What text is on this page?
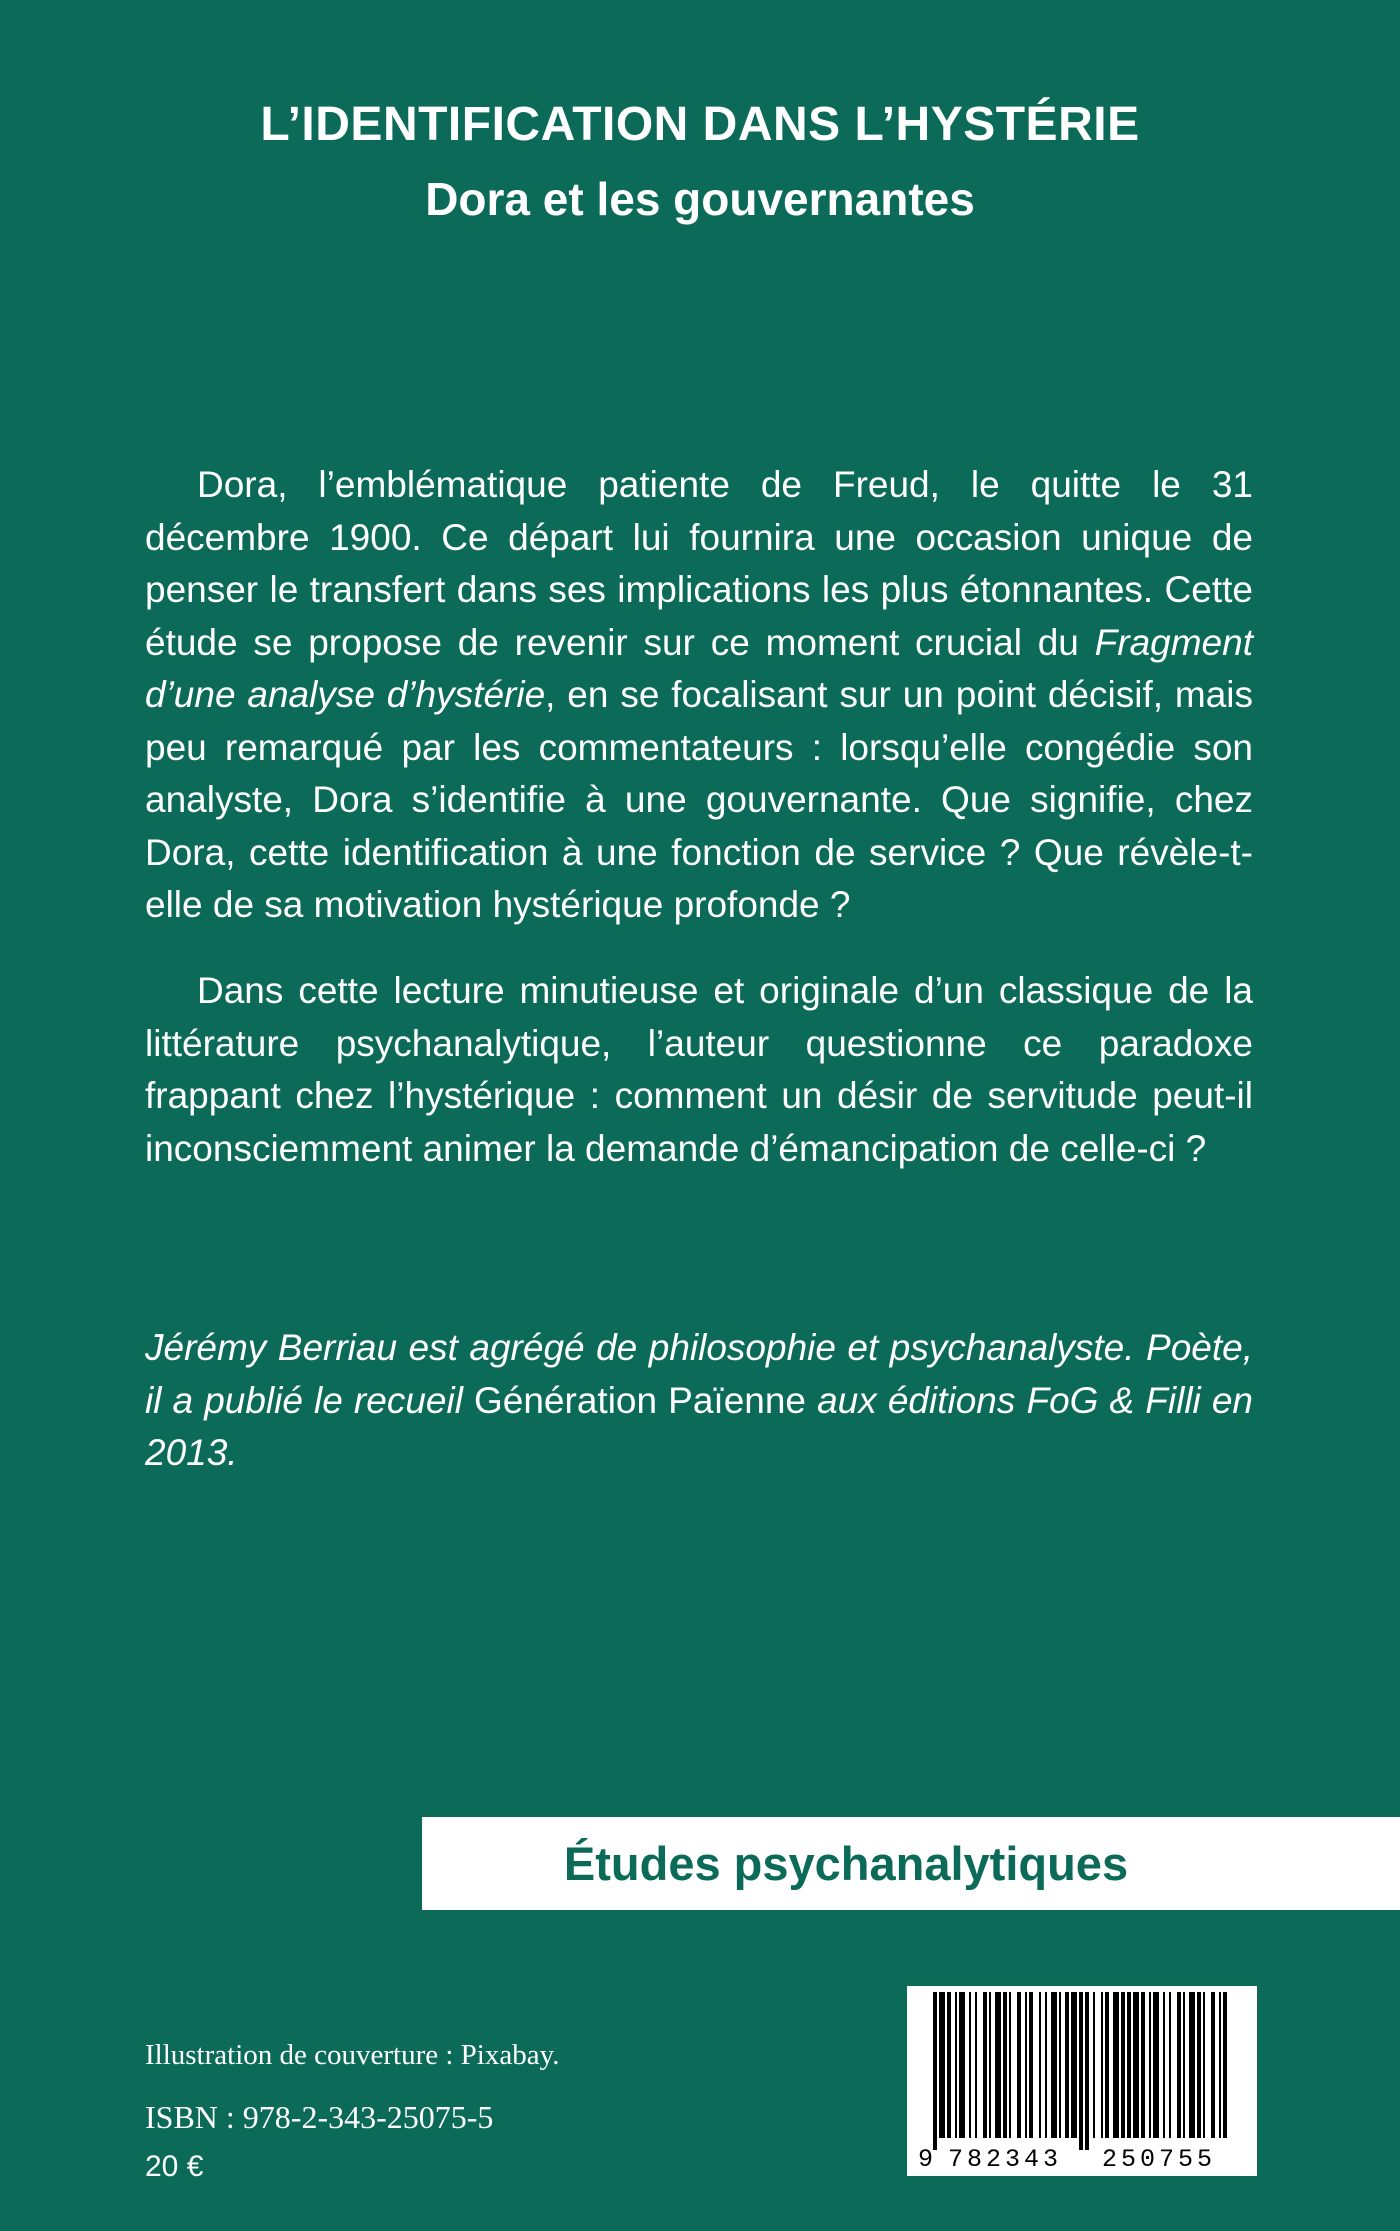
L’IDENTIFICATION DANS L’HYSTÉRIE
Dora et les gouvernantes

Dora, l’emblématique patiente de Freud, le quitte le 31 décembre 1900. Ce départ lui fournira une occasion unique de penser le transfert dans ses implications les plus étonnantes. Cette étude se propose de revenir sur ce moment crucial du Fragment d’une analyse d’hystérie, en se focalisant sur un point décisif, mais peu remarqué par les commentateurs : lorsqu’elle congédie son analyste, Dora s’identifie à une gouvernante. Que signifie, chez Dora, cette identification à une fonction de service ? Que révèle-t-elle de sa motivation hystérique profonde ?

Dans cette lecture minutieuse et originale d’un classique de la littérature psychanalytique, l’auteur questionne ce paradoxe frappant chez l’hystérique : comment un désir de servitude peut-il inconsciemment animer la demande d’émancipation de celle-ci ?

Jérémy Berriau est agrégé de philosophie et psychanalyste. Poète, il a publié le recueil Génération Païenne aux éditions FoG & Filli en 2013.

Études psychanalytiques
Illustration de couverture : Pixabay.
ISBN : 978-2-343-25075-5
20 €	9 782343 250755
